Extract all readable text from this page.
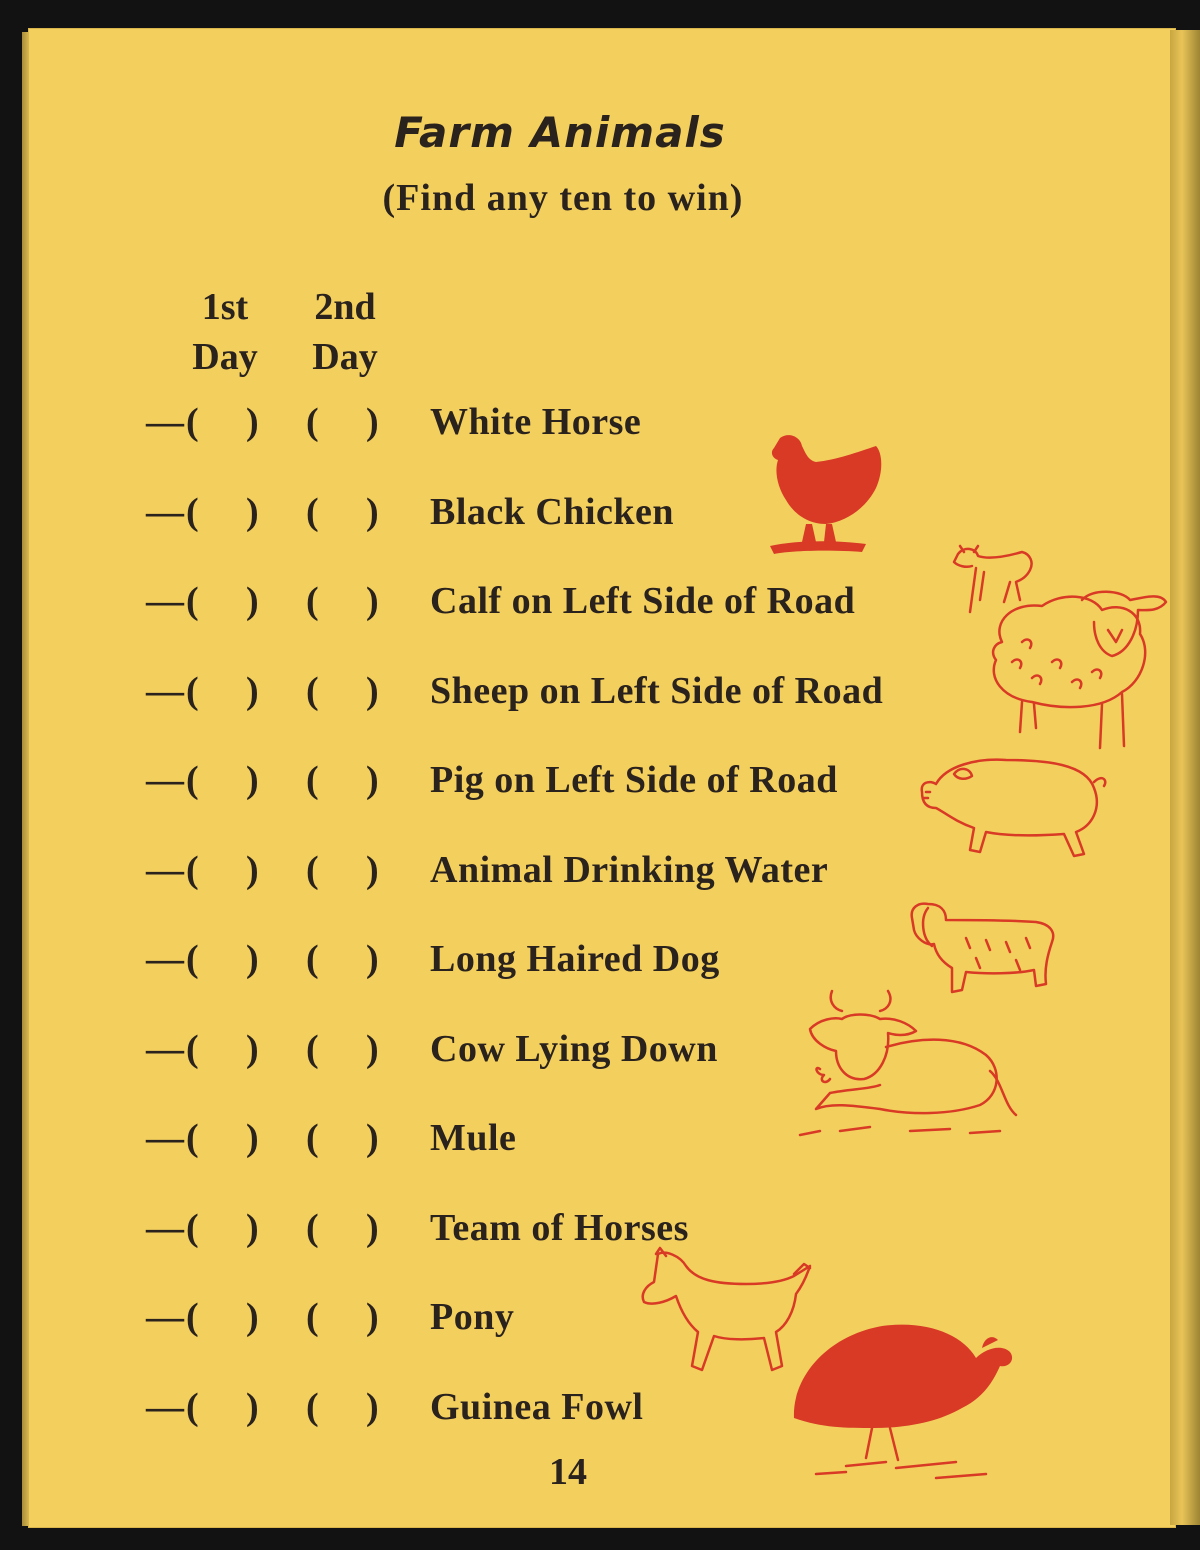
Farm Animals
(Find any ten to win)
1st
Day
2nd
Day
— ( ) ( ) White Horse
— ( ) ( ) Black Chicken
— ( ) ( ) Calf on Left Side of Road
— ( ) ( ) Sheep on Left Side of Road
— ( ) ( ) Pig on Left Side of Road
— ( ) ( ) Animal Drinking Water
— ( ) ( ) Long Haired Dog
— ( ) ( ) Cow Lying Down
— ( ) ( ) Mule
— ( ) ( ) Team of Horses
— ( ) ( ) Pony
— ( ) ( ) Guinea Fowl
14
